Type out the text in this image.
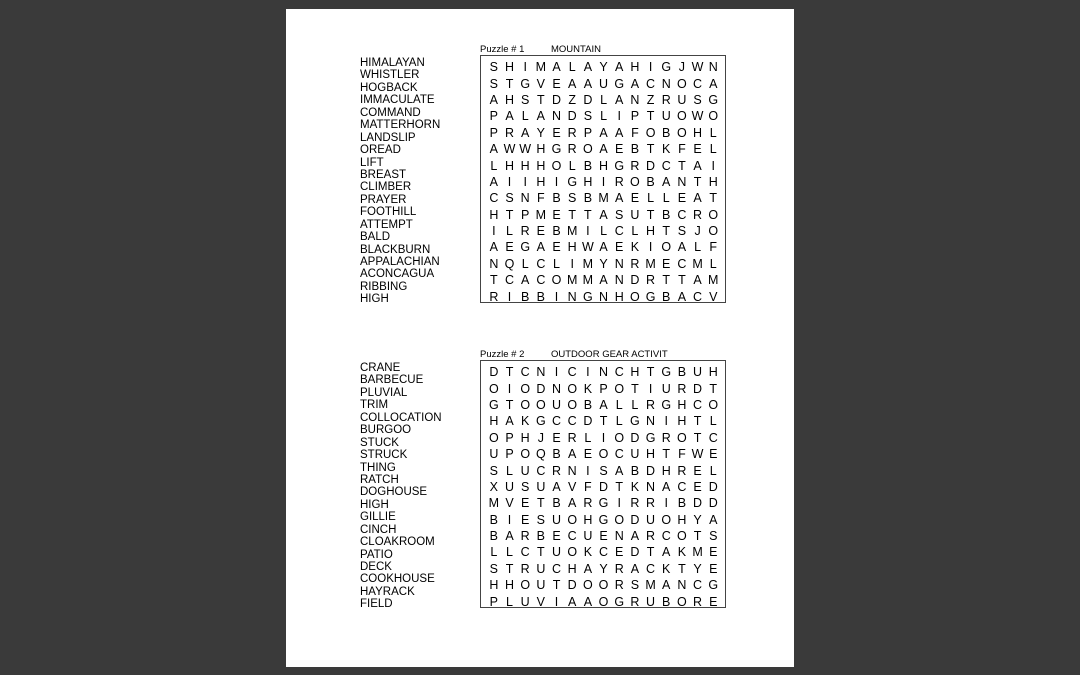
Puzzle # 1	MOUNTAIN
HIMALAYAN
WHISTLER
HOGBACK
IMMACULATE
COMMAND
MATTERHORN
LANDSLIP
OREAD
LIFT
BREAST
CLIMBER
PRAYER
FOOTHILL
ATTEMPT
BALD
BLACKBURN
APPALACHIAN
ACONCAGUA
RIBBING
HIGH
S H I M A L A Y A H I G J W N
S T G V E A A U G A C N O C A
A H S T D Z D L A N Z R U S G
P A L A N D S L I P T U O W O
P R A Y E R P A A F O B O H L
A W W H G R O A E B T K F E L
L H H H O L B H G R D C T A I
A I I H I G H I R O B A N T H
C S N F B S B M A E L L E A T
H T P M E T T A S U T B C R O
I L R E B M I L C L H T S J O
A E G A E H W A E K I O A L F
N Q L C L I M Y N R M E C M L
T C A C O M M A N D R T T A M
R I B B I N G N H O G B A C V
Puzzle # 2	OUTDOOR GEAR ACTIVIT
CRANE
BARBECUE
PLUVIAL
TRIM
COLLOCATION
BURGOO
STUCK
STRUCK
THING
RATCH
DOGHOUSE
HIGH
GILLIE
CINCH
CLOAKROOM
PATIO
DECK
COOKHOUSE
HAYRACK
FIELD
D T C N I C I N C H T G B U H
O I O D N O K P O T I U R D T
G T O O U O B A L L R G H C O
H A K G C C D T L G N I H T L
O P H J E R L I O D G R O T C
U P O Q B A E O C U H T F W E
S L U C R N I S A B D H R E L
X U S U A V F D T K N A C E D
M V E T B A R G I R R I B D D
B I E S U O H G O D U O H Y A
B A R B E C U E N A R C O T S
L L C T U O K C E D T A K M E
S T R U C H A Y R A C K T Y E
H H O U T D O O R S M A N C G
P L U V I A A O G R U B O R E
